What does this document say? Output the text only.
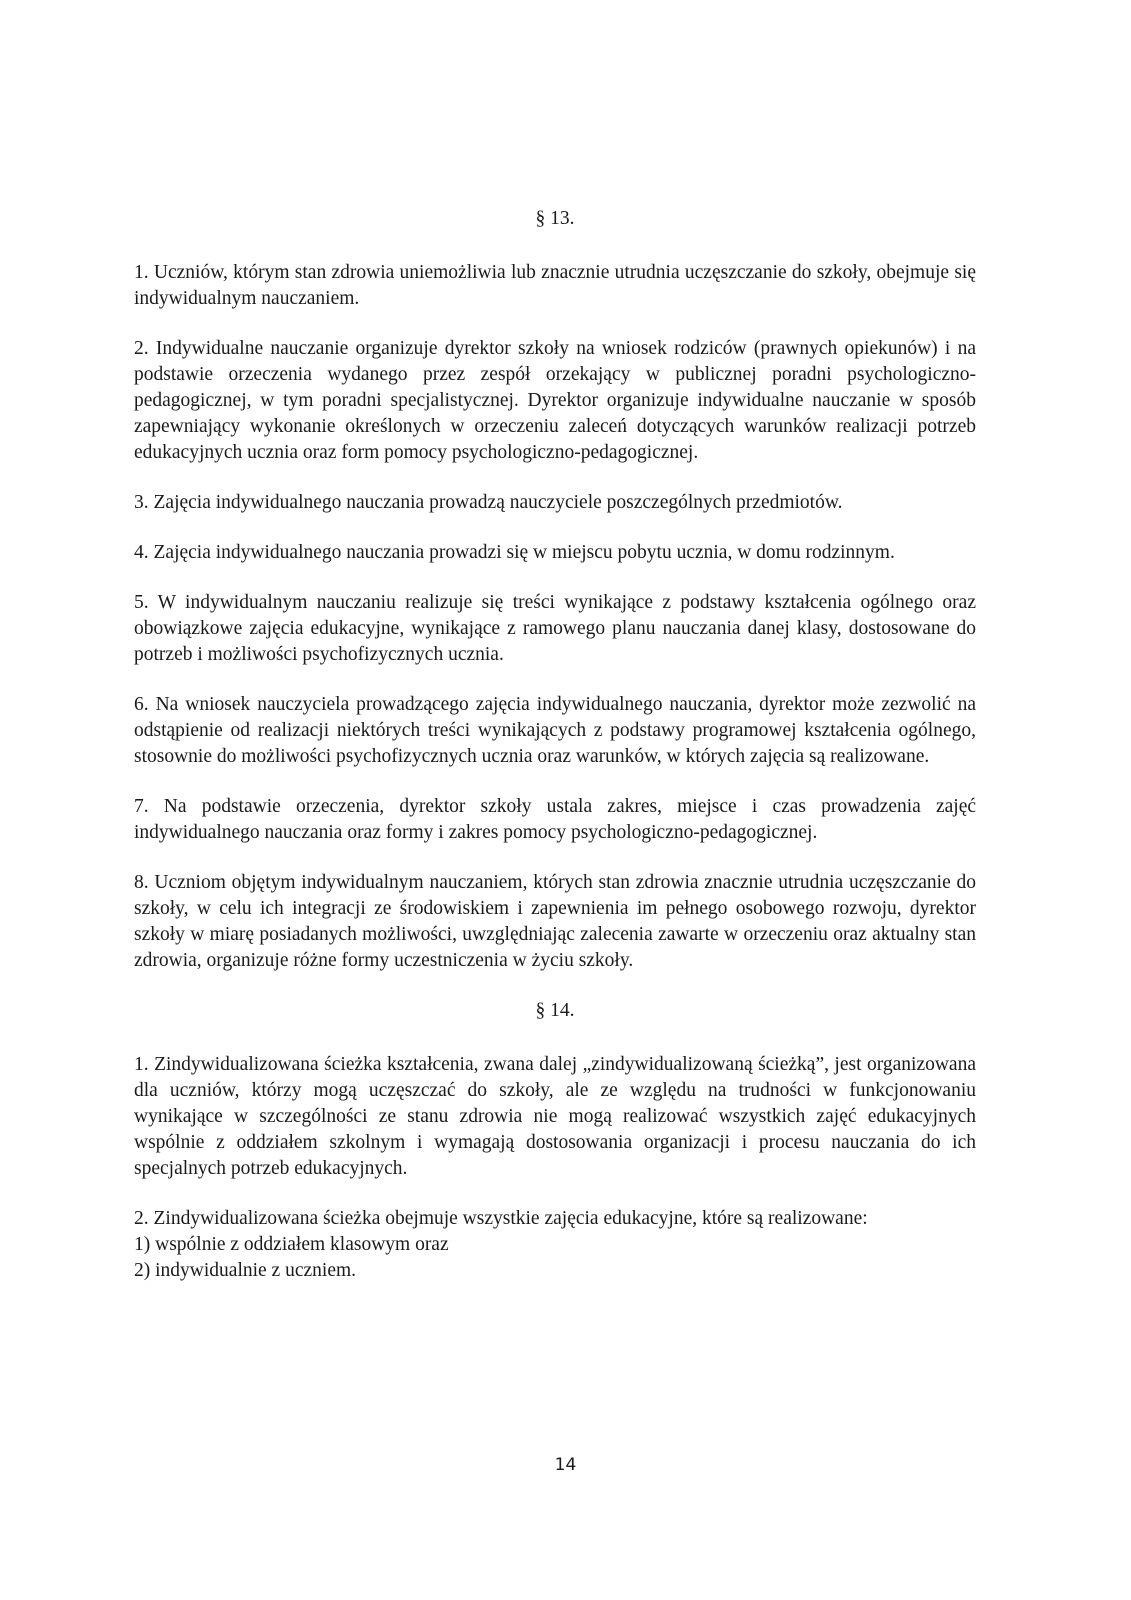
§ 13.

1. Uczniów, którym stan zdrowia uniemożliwia lub znacznie utrudnia uczęszczanie do szkoły, obejmuje się indywidualnym nauczaniem.

2. Indywidualne nauczanie organizuje dyrektor szkoły na wniosek rodziców (prawnych opiekunów) i na podstawie orzeczenia wydanego przez zespół orzekający w publicznej poradni psychologiczno-pedagogicznej, w tym poradni specjalistycznej. Dyrektor organizuje indywidualne nauczanie w sposób zapewniający wykonanie określonych w orzeczeniu zaleceń dotyczących warunków realizacji potrzeb edukacyjnych ucznia oraz form pomocy psychologiczno-pedagogicznej.

3. Zajęcia indywidualnego nauczania prowadzą nauczyciele poszczególnych przedmiotów.

4. Zajęcia indywidualnego nauczania prowadzi się w miejscu pobytu ucznia, w domu rodzinnym.

5. W indywidualnym nauczaniu realizuje się treści wynikające z podstawy kształcenia ogólnego oraz obowiązkowe zajęcia edukacyjne, wynikające z ramowego planu nauczania danej klasy, dostosowane do potrzeb i możliwości psychofizycznych ucznia.

6. Na wniosek nauczyciela prowadzącego zajęcia indywidualnego nauczania, dyrektor może zezwolić na odstąpienie od realizacji niektórych treści wynikających z podstawy programowej kształcenia ogólnego, stosownie do możliwości psychofizycznych ucznia oraz warunków, w których zajęcia są realizowane.

7. Na podstawie orzeczenia, dyrektor szkoły ustala zakres, miejsce i czas prowadzenia zajęć indywidualnego nauczania oraz formy i zakres pomocy psychologiczno-pedagogicznej.

8. Uczniom objętym indywidualnym nauczaniem, których stan zdrowia znacznie utrudnia uczęszczanie do szkoły, w celu ich integracji ze środowiskiem i zapewnienia im pełnego osobowego rozwoju, dyrektor szkoły w miarę posiadanych możliwości, uwzględniając zalecenia zawarte w orzeczeniu oraz aktualny stan zdrowia, organizuje różne formy uczestniczenia w życiu szkoły.

§ 14.

1. Zindywidualizowana ścieżka kształcenia, zwana dalej „zindywidualizowaną ścieżką”, jest organizowana dla uczniów, którzy mogą uczęszczać do szkoły, ale ze względu na trudności w funkcjonowaniu wynikające w szczególności ze stanu zdrowia nie mogą realizować wszystkich zajęć edukacyjnych wspólnie z oddziałem szkolnym i wymagają dostosowania organizacji i procesu nauczania do ich specjalnych potrzeb edukacyjnych.

2. Zindywidualizowana ścieżka obejmuje wszystkie zajęcia edukacyjne, które są realizowane:

1) wspólnie z oddziałem klasowym oraz
2) indywidualnie z uczniem.
14
